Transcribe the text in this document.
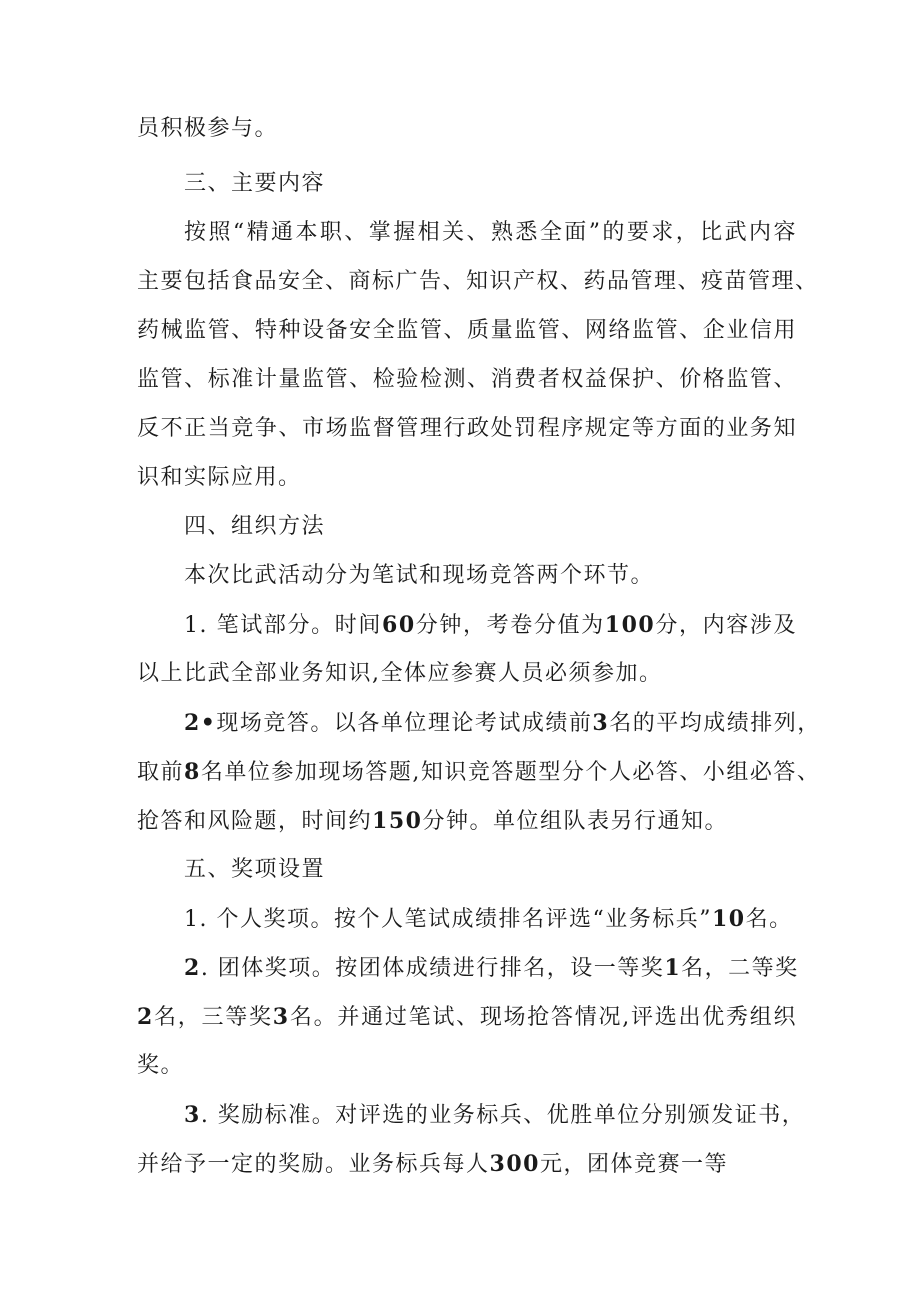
员积极参与。
三、主要内容
按照“精通本职、掌握相关、熟悉全面”的要求，比武内容
主要包括食品安全、商标广告、知识产权、药品管理、疫苗管理、
药械监管、特种设备安全监管、质量监管、网络监管、企业信用
监管、标准计量监管、检验检测、消费者权益保护、价格监管、
反不正当竞争、市场监督管理行政处罚程序规定等方面的业务知
识和实际应用。
四、组织方法
本次比武活动分为笔试和现场竞答两个环节。
1. 笔试部分。时间60分钟，考卷分值为100分，内容涉及
以上比武全部业务知识,全体应参赛人员必须参加。
2•现场竞答。以各单位理论考试成绩前3名的平均成绩排列，
取前8名单位参加现场答题,知识竞答题型分个人必答、小组必答、
抢答和风险题，时间约150分钟。单位组队表另行通知。
五、奖项设置
1. 个人奖项。按个人笔试成绩排名评选“业务标兵”10名。
2. 团体奖项。按团体成绩进行排名，设一等奖1名，二等奖
2名，三等奖3名。并通过笔试、现场抢答情况,评选出优秀组织
奖。
3. 奖励标准。对评选的业务标兵、优胜单位分别颁发证书，
并给予一定的奖励。业务标兵每人300元，团体竞赛一等
